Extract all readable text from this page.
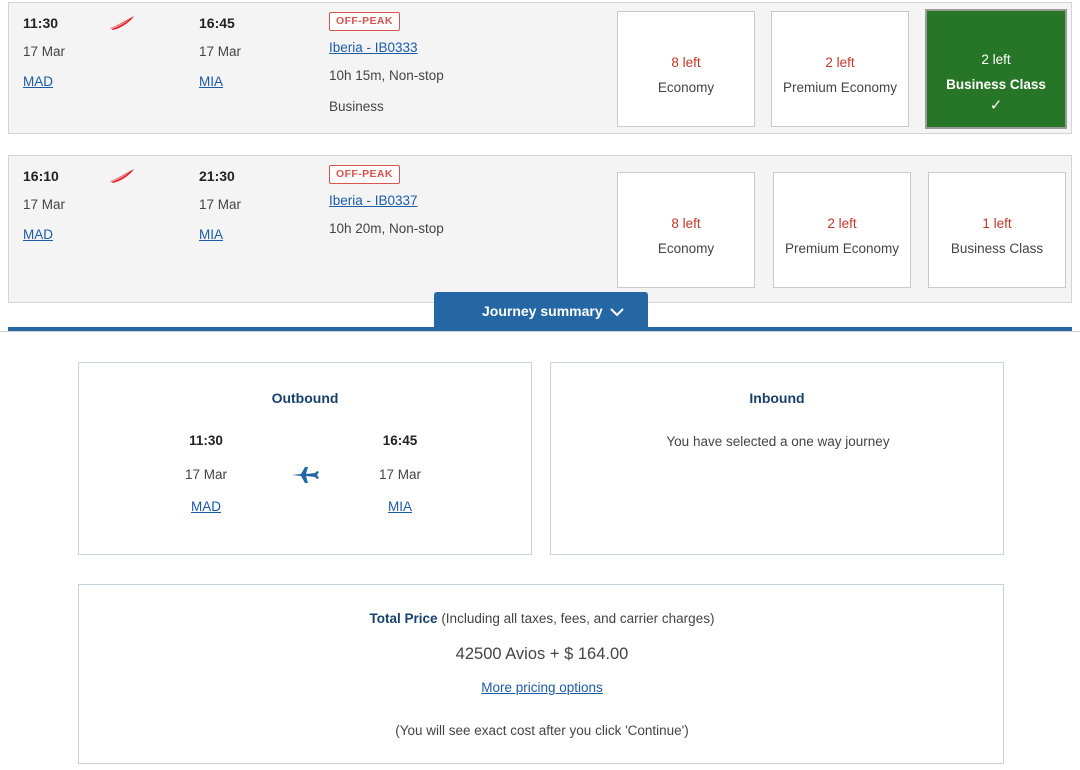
11:30
17 Mar
MAD
16:45
17 Mar
MIA
OFF-PEAK
Iberia - IB0333
10h 15m, Non-stop
Business
8 left
Economy
2 left
Premium Economy
2 left
Business Class
✓
16:10
17 Mar
MAD
21:30
17 Mar
MIA
OFF-PEAK
Iberia - IB0337
10h 20m, Non-stop	8 left
Economy
2 left
Premium Economy
1 left
Business Class
Journey summary
Outbound
11:30
17 Mar
MAD
16:45
17 Mar
MIA
Inbound
You have selected a one way journey
Total Price (Including all taxes, fees, and carrier charges)
42500 Avios + $ 164.00
More pricing options
(You will see exact cost after you click 'Continue')
